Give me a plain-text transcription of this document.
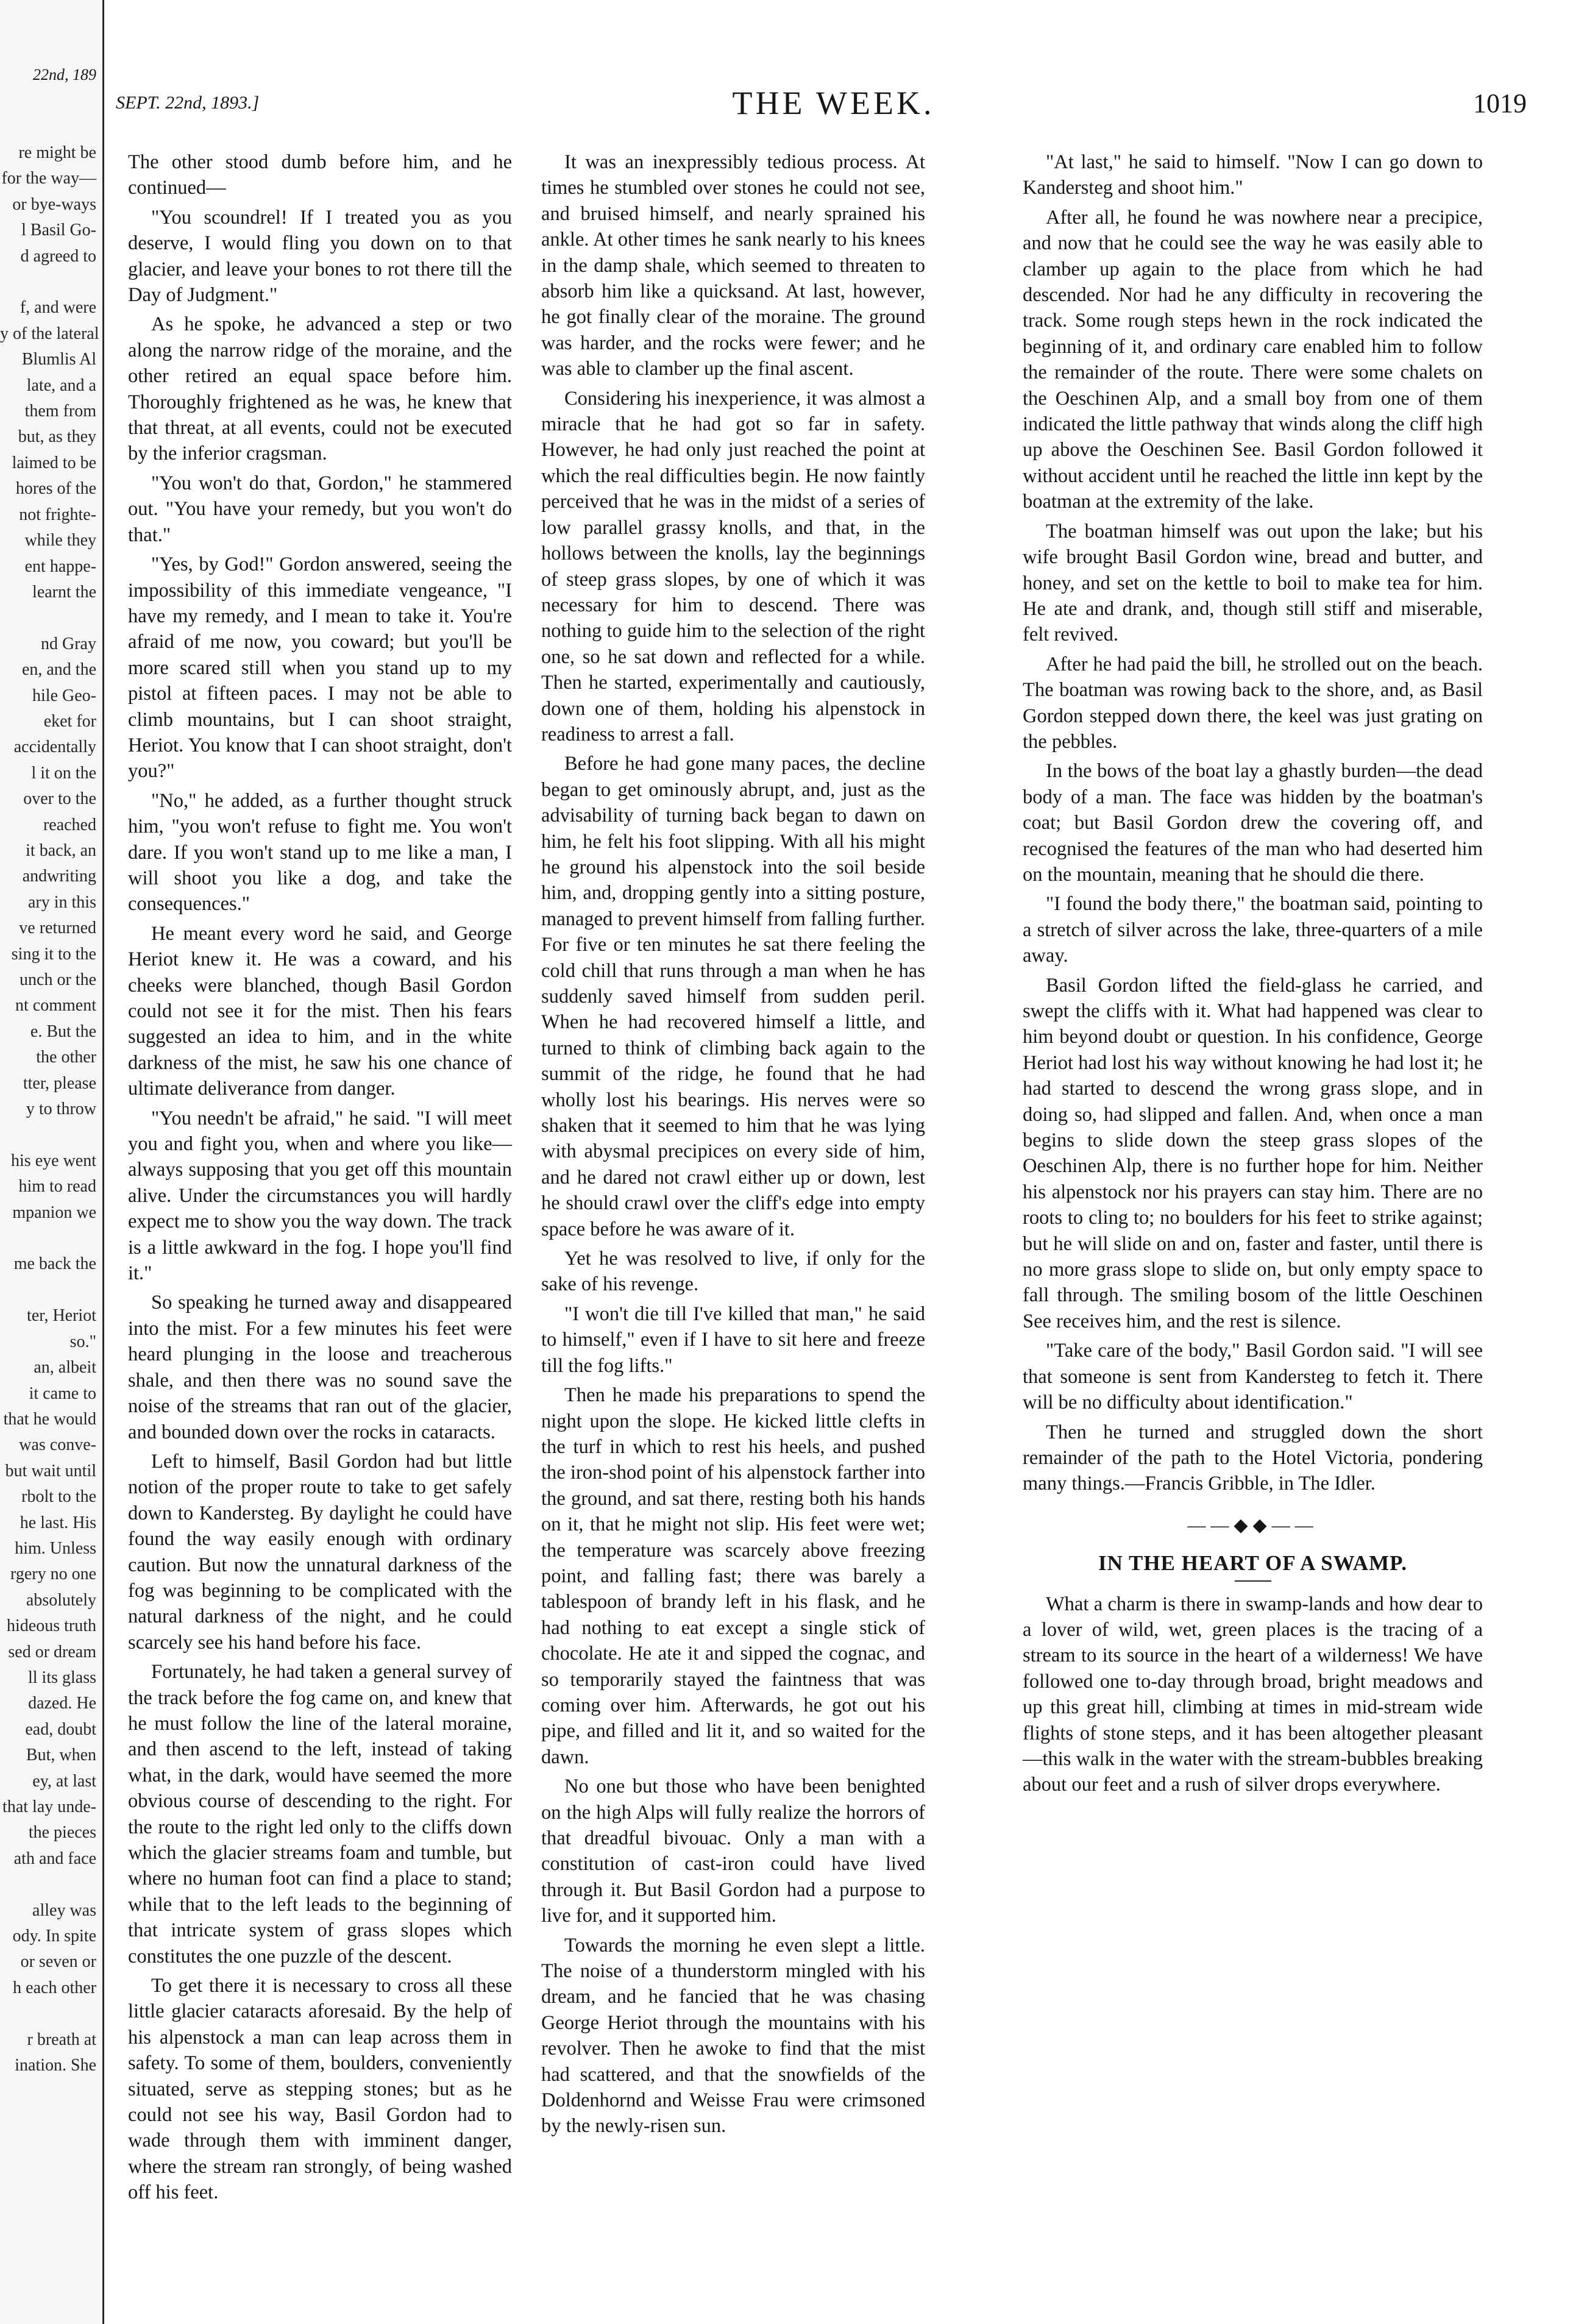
22nd, 189
re might be
for the way—
or bye-ways
l Basil Go-
d agreed to

f, and were
y of the lateral
Blumlis Al
late, and a
them from
but, as they
laimed to be
hores of the
not frighte-
while they
ent happe-
learnt the

nd Gray
en, and the
hile Geo-
eket for
accidentally
l it on the
over to the
reached
it back, an
andwriting
ary in this
ve returned
sing it to the
unch or the
nt comment
e. But the
the other
tter, please
y to throw

his eye went
him to read
mpanion we

me back the

ter, Heriot
so."
an, albeit
it came to
that he would
was conve-
but wait until
rbolt to the
he last. His
him. Unless
rgery no one
absolutely
hideous truth
sed or dream
ll its glass
dazed. He
ead, doubt
But, when
ey, at last
that lay unde-
the pieces
ath and face

alley was
ody. In spite
or seven or
h each other

r breath at
ination. She
SEPT. 22nd, 1893.]	THE WEEK.	1019

The other stood dumb before him, and he continued—

"You scoundrel! If I treated you as you deserve, I would fling you down on to that glacier, and leave your bones to rot there till the Day of Judgment."

As he spoke, he advanced a step or two along the narrow ridge of the moraine, and the other retired an equal space before him. Thoroughly frightened as he was, he knew that that threat, at all events, could not be executed by the inferior cragsman.

"You won't do that, Gordon," he stammered out. "You have your remedy, but you won't do that."

"Yes, by God!" Gordon answered, seeing the impossibility of this immediate vengeance, "I have my remedy, and I mean to take it. You're afraid of me now, you coward; but you'll be more scared still when you stand up to my pistol at fifteen paces. I may not be able to climb mountains, but I can shoot straight, Heriot. You know that I can shoot straight, don't you?"

"No," he added, as a further thought struck him, "you won't refuse to fight me. You won't dare. If you won't stand up to me like a man, I will shoot you like a dog, and take the consequences."

He meant every word he said, and George Heriot knew it. He was a coward, and his cheeks were blanched, though Basil Gordon could not see it for the mist. Then his fears suggested an idea to him, and in the white darkness of the mist, he saw his one chance of ultimate deliverance from danger.

"You needn't be afraid," he said. "I will meet you and fight you, when and where you like—always supposing that you get off this mountain alive. Under the circumstances you will hardly expect me to show you the way down. The track is a little awkward in the fog. I hope you'll find it."

So speaking he turned away and disappeared into the mist. For a few minutes his feet were heard plunging in the loose and treacherous shale, and then there was no sound save the noise of the streams that ran out of the glacier, and bounded down over the rocks in cataracts.

Left to himself, Basil Gordon had but little notion of the proper route to take to get safely down to Kandersteg. By daylight he could have found the way easily enough with ordinary caution. But now the unnatural darkness of the fog was beginning to be complicated with the natural darkness of the night, and he could scarcely see his hand before his face.

Fortunately, he had taken a general survey of the track before the fog came on, and knew that he must follow the line of the lateral moraine, and then ascend to the left, instead of taking what, in the dark, would have seemed the more obvious course of descending to the right. For the route to the right led only to the cliffs down which the glacier streams foam and tumble, but where no human foot can find a place to stand; while that to the left leads to the beginning of that intricate system of grass slopes which constitutes the one puzzle of the descent.

To get there it is necessary to cross all these little glacier cataracts aforesaid. By the help of his alpenstock a man can leap across them in safety. To some of them, boulders, conveniently situated, serve as stepping stones; but as he could not see his way, Basil Gordon had to wade through them with imminent danger, where the stream ran strongly, of being washed off his feet.

It was an inexpressibly tedious process. At times he stumbled over stones he could not see, and bruised himself, and nearly sprained his ankle. At other times he sank nearly to his knees in the damp shale, which seemed to threaten to absorb him like a quicksand. At last, however, he got finally clear of the moraine. The ground was harder, and the rocks were fewer; and he was able to clamber up the final ascent.

Considering his inexperience, it was almost a miracle that he had got so far in safety. However, he had only just reached the point at which the real difficulties begin. He now faintly perceived that he was in the midst of a series of low parallel grassy knolls, and that, in the hollows between the knolls, lay the beginnings of steep grass slopes, by one of which it was necessary for him to descend. There was nothing to guide him to the selection of the right one, so he sat down and reflected for a while. Then he started, experimentally and cautiously, down one of them, holding his alpenstock in readiness to arrest a fall.

Before he had gone many paces, the decline began to get ominously abrupt, and, just as the advisability of turning back began to dawn on him, he felt his foot slipping. With all his might he ground his alpenstock into the soil beside him, and, dropping gently into a sitting posture, managed to prevent himself from falling further. For five or ten minutes he sat there feeling the cold chill that runs through a man when he has suddenly saved himself from sudden peril. When he had recovered himself a little, and turned to think of climbing back again to the summit of the ridge, he found that he had wholly lost his bearings. His nerves were so shaken that it seemed to him that he was lying with abysmal precipices on every side of him, and he dared not crawl either up or down, lest he should crawl over the cliff's edge into empty space before he was aware of it.

Yet he was resolved to live, if only for the sake of his revenge.

"I won't die till I've killed that man," he said to himself," even if I have to sit here and freeze till the fog lifts."

Then he made his preparations to spend the night upon the slope. He kicked little clefts in the turf in which to rest his heels, and pushed the iron-shod point of his alpenstock farther into the ground, and sat there, resting both his hands on it, that he might not slip. His feet were wet; the temperature was scarcely above freezing point, and falling fast; there was barely a tablespoon of brandy left in his flask, and he had nothing to eat except a single stick of chocolate. He ate it and sipped the cognac, and so temporarily stayed the faintness that was coming over him. Afterwards, he got out his pipe, and filled and lit it, and so waited for the dawn.

No one but those who have been benighted on the high Alps will fully realize the horrors of that dreadful bivouac. Only a man with a constitution of cast-iron could have lived through it. But Basil Gordon had a purpose to live for, and it supported him.

Towards the morning he even slept a little. The noise of a thunderstorm mingled with his dream, and he fancied that he was chasing George Heriot through the mountains with his revolver. Then he awoke to find that the mist had scattered, and that the snowfields of the Doldenhornd and Weisse Frau were crimsoned by the newly-risen sun.

"At last," he said to himself. "Now I can go down to Kandersteg and shoot him."

After all, he found he was nowhere near a precipice, and now that he could see the way he was easily able to clamber up again to the place from which he had descended. Nor had he any difficulty in recovering the track. Some rough steps hewn in the rock indicated the beginning of it, and ordinary care enabled him to follow the remainder of the route. There were some chalets on the Oeschinen Alp, and a small boy from one of them indicated the little pathway that winds along the cliff high up above the Oeschinen See. Basil Gordon followed it without accident until he reached the little inn kept by the boatman at the extremity of the lake.

The boatman himself was out upon the lake; but his wife brought Basil Gordon wine, bread and butter, and honey, and set on the kettle to boil to make tea for him. He ate and drank, and, though still stiff and miserable, felt revived.

After he had paid the bill, he strolled out on the beach. The boatman was rowing back to the shore, and, as Basil Gordon stepped down there, the keel was just grating on the pebbles.

In the bows of the boat lay a ghastly burden—the dead body of a man. The face was hidden by the boatman's coat; but Basil Gordon drew the covering off, and recognised the features of the man who had deserted him on the mountain, meaning that he should die there.

"I found the body there," the boatman said, pointing to a stretch of silver across the lake, three-quarters of a mile away.

Basil Gordon lifted the field-glass he carried, and swept the cliffs with it. What had happened was clear to him beyond doubt or question. In his confidence, George Heriot had lost his way without knowing he had lost it; he had started to descend the wrong grass slope, and in doing so, had slipped and fallen. And, when once a man begins to slide down the steep grass slopes of the Oeschinen Alp, there is no further hope for him. Neither his alpenstock nor his prayers can stay him. There are no roots to cling to; no boulders for his feet to strike against; but he will slide on and on, faster and faster, until there is no more grass slope to slide on, but only empty space to fall through. The smiling bosom of the little Oeschinen See receives him, and the rest is silence.

"Take care of the body," Basil Gordon said. "I will see that someone is sent from Kandersteg to fetch it. There will be no difficulty about identification."

Then he turned and struggled down the short remainder of the path to the Hotel Victoria, pondering many things.—Francis Gribble, in The Idler.

——◆◆——
IN THE HEART OF A SWAMP.

What a charm is there in swamp-lands and how dear to a lover of wild, wet, green places is the tracing of a stream to its source in the heart of a wilderness! We have followed one to-day through broad, bright meadows and up this great hill, climbing at times in mid-stream wide flights of stone steps, and it has been altogether pleasant—this walk in the water with the stream-bubbles breaking about our feet and a rush of silver drops everywhere.
